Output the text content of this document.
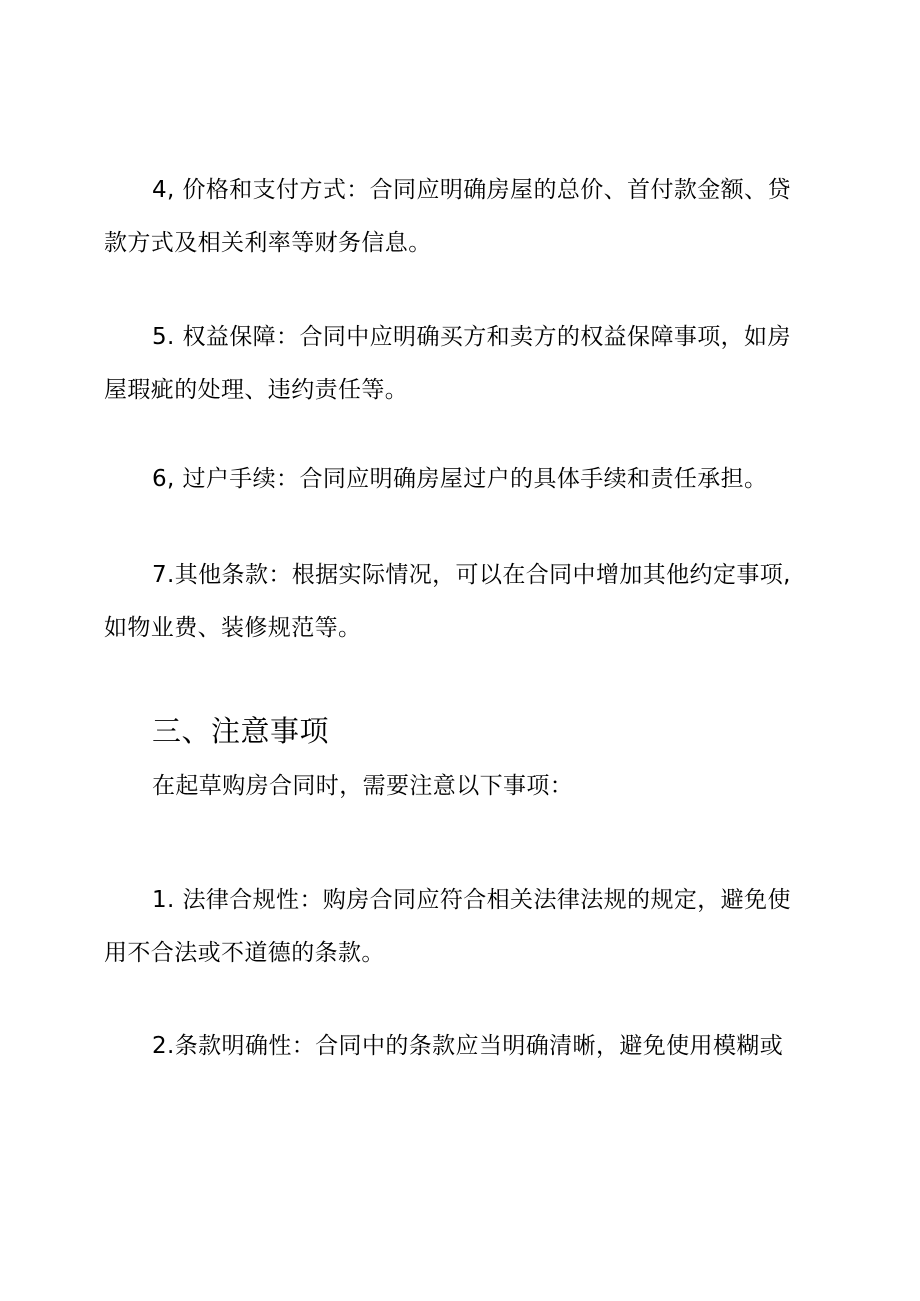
4, 价格和支付方式：合同应明确房屋的总价、首付款金额、贷款方式及相关利率等财务信息。

5. 权益保障：合同中应明确买方和卖方的权益保障事项，如房屋瑕疵的处理、违约责任等。

6, 过户手续：合同应明确房屋过户的具体手续和责任承担。

7.其他条款：根据实际情况，可以在合同中增加其他约定事项, 如物业费、装修规范等。

三、注意事项

在起草购房合同时，需要注意以下事项：

1. 法律合规性：购房合同应符合相关法律法规的规定，避免使用不合法或不道德的条款。

2.条款明确性：合同中的条款应当明确清晰，避免使用模糊或
